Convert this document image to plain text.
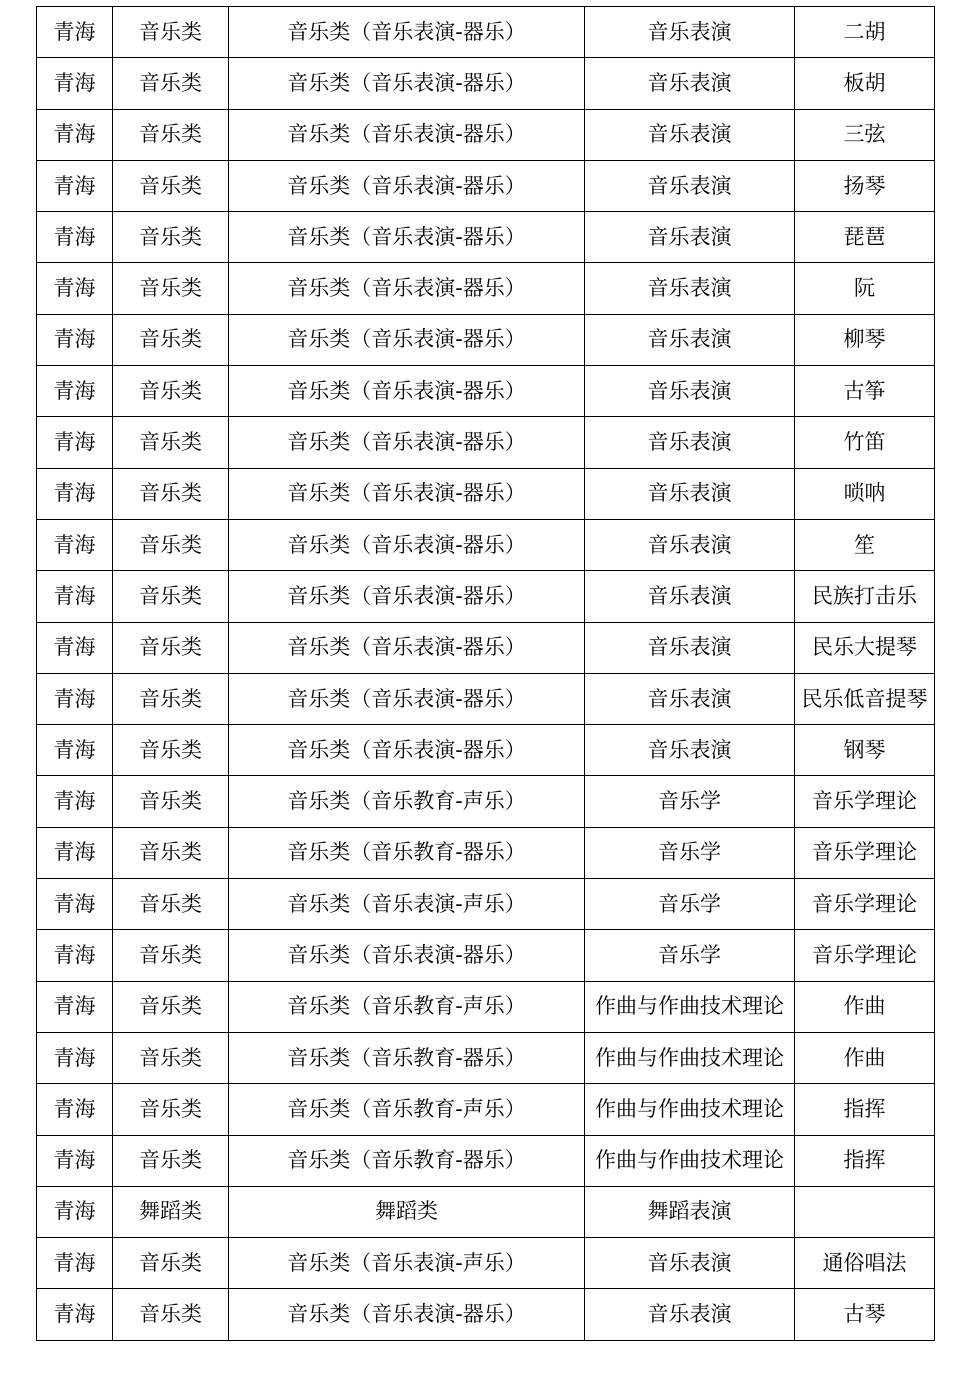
青海	音乐类	音乐类（音乐表演-器乐）	音乐表演	二胡
青海	音乐类	音乐类（音乐表演-器乐）	音乐表演	板胡
青海	音乐类	音乐类（音乐表演-器乐）	音乐表演	三弦
青海	音乐类	音乐类（音乐表演-器乐）	音乐表演	扬琴
青海	音乐类	音乐类（音乐表演-器乐）	音乐表演	琵琶
青海	音乐类	音乐类（音乐表演-器乐）	音乐表演	阮
青海	音乐类	音乐类（音乐表演-器乐）	音乐表演	柳琴
青海	音乐类	音乐类（音乐表演-器乐）	音乐表演	古筝
青海	音乐类	音乐类（音乐表演-器乐）	音乐表演	竹笛
青海	音乐类	音乐类（音乐表演-器乐）	音乐表演	唢呐
青海	音乐类	音乐类（音乐表演-器乐）	音乐表演	笙
青海	音乐类	音乐类（音乐表演-器乐）	音乐表演	民族打击乐
青海	音乐类	音乐类（音乐表演-器乐）	音乐表演	民乐大提琴
青海	音乐类	音乐类（音乐表演-器乐）	音乐表演	民乐低音提琴
青海	音乐类	音乐类（音乐表演-器乐）	音乐表演	钢琴
青海	音乐类	音乐类（音乐教育-声乐）	音乐学	音乐学理论
青海	音乐类	音乐类（音乐教育-器乐）	音乐学	音乐学理论
青海	音乐类	音乐类（音乐表演-声乐）	音乐学	音乐学理论
青海	音乐类	音乐类（音乐表演-器乐）	音乐学	音乐学理论
青海	音乐类	音乐类（音乐教育-声乐）	作曲与作曲技术理论	作曲
青海	音乐类	音乐类（音乐教育-器乐）	作曲与作曲技术理论	作曲
青海	音乐类	音乐类（音乐教育-声乐）	作曲与作曲技术理论	指挥
青海	音乐类	音乐类（音乐教育-器乐）	作曲与作曲技术理论	指挥
青海	舞蹈类	舞蹈类	舞蹈表演	
青海	音乐类	音乐类（音乐表演-声乐）	音乐表演	通俗唱法
青海	音乐类	音乐类（音乐表演-器乐）	音乐表演	古琴
